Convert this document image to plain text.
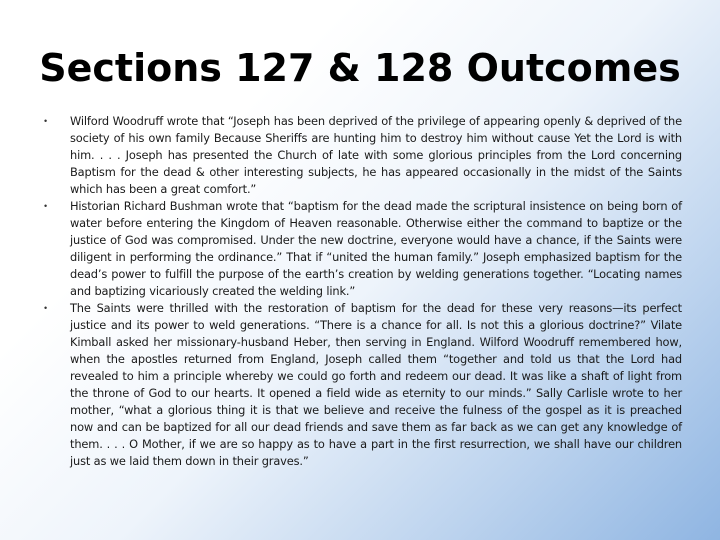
Sections 127 & 128 Outcomes
• Wilford Woodruff wrote that “Joseph has been deprived of the privilege of appearing openly & deprived of the society of his own family Because Sheriffs are hunting him to destroy him without cause Yet the Lord is with him. . . . Joseph has presented the Church of late with some glorious principles from the Lord concerning Baptism for the dead & other interesting subjects, he has appeared occasionally in the midst of the Saints which has been a great comfort.”
• Historian Richard Bushman wrote that “baptism for the dead made the scriptural insistence on being born of water before entering the Kingdom of Heaven reasonable. Otherwise either the command to baptize or the justice of God was compromised. Under the new doctrine, everyone would have a chance, if the Saints were diligent in performing the ordinance.” That if “united the human family.” Joseph emphasized baptism for the dead’s power to fulfill the purpose of the earth’s creation by welding generations together. “Locating names and baptizing vicariously created the welding link.”
• The Saints were thrilled with the restoration of baptism for the dead for these very reasons—its perfect justice and its power to weld generations. “There is a chance for all. Is not this a glorious doctrine?” Vilate Kimball asked her missionary-husband Heber, then serving in England. Wilford Woodruff remembered how, when the apostles returned from England, Joseph called them “together and told us that the Lord had revealed to him a principle whereby we could go forth and redeem our dead. It was like a shaft of light from the throne of God to our hearts. It opened a field wide as eternity to our minds.” Sally Carlisle wrote to her mother, “what a glorious thing it is that we believe and receive the fulness of the gospel as it is preached now and can be baptized for all our dead friends and save them as far back as we can get any knowledge of them. . . . O Mother, if we are so happy as to have a part in the first resurrection, we shall have our children just as we laid them down in their graves.”
